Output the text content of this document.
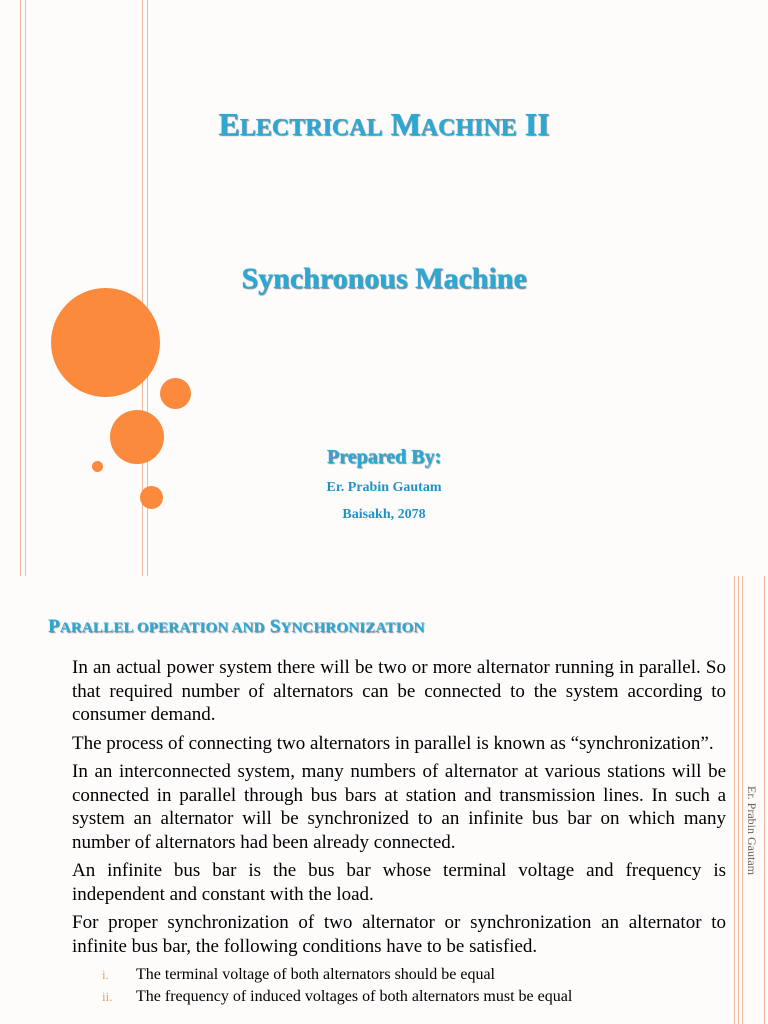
ELECTRICAL MACHINE II
Synchronous Machine
Prepared By:
Er. Prabin Gautam
Baisakh, 2078
PARALLEL OPERATION AND SYNCHRONIZATION

In an actual power system there will be two or more alternator running in parallel. So that required number of alternators can be connected to the system according to consumer demand.

The process of connecting two alternators in parallel is known as “synchronization”.

In an interconnected system, many numbers of alternator at various stations will be connected in parallel through bus bars at station and transmission lines. In such a system an alternator will be synchronized to an infinite bus bar on which many number of alternators had been already connected.

An infinite bus bar is the bus bar whose terminal voltage and frequency is independent and constant with the load.

For proper synchronization of two alternator or synchronization an alternator to infinite bus bar, the following conditions have to be satisfied.

i. The terminal voltage of both alternators should be equal
ii. The frequency of induced voltages of both alternators must be equal
Er. Prabin Gautam
